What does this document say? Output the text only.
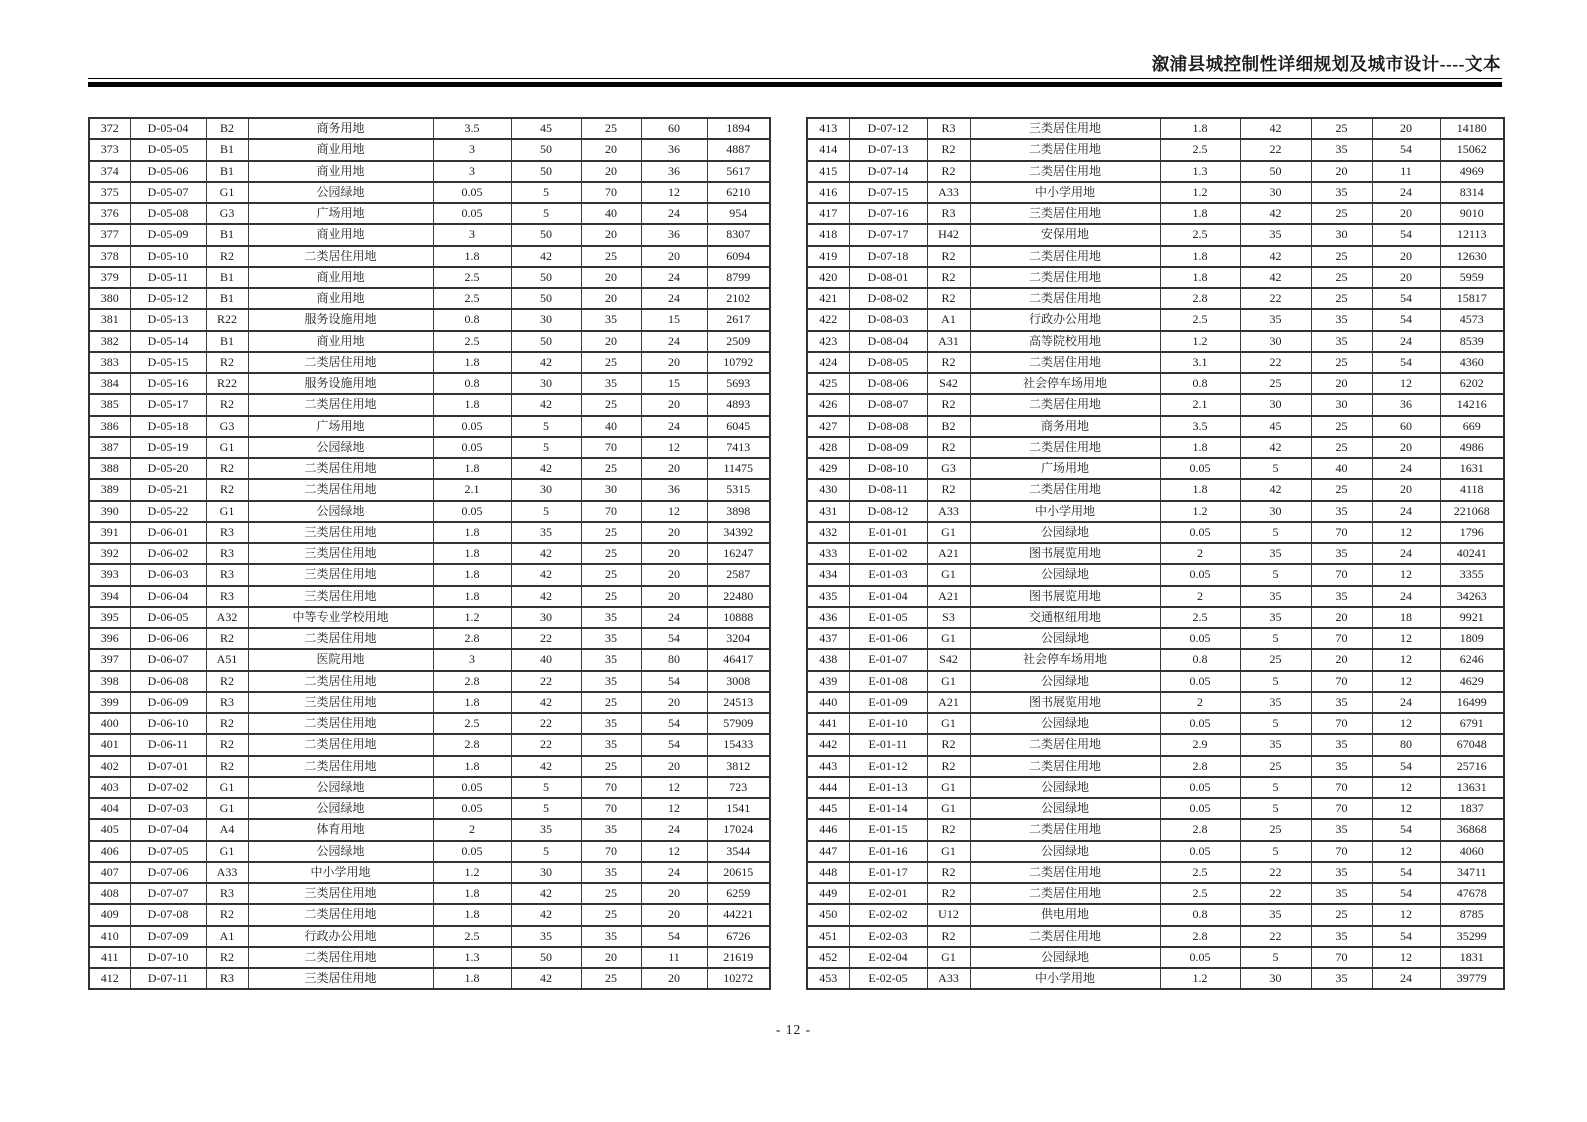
溆浦县城控制性详细规划及城市设计----文本
372	D-05-04	B2	商务用地	3.5	45	25	60	1894
373	D-05-05	B1	商业用地	3	50	20	36	4887
374	D-05-06	B1	商业用地	3	50	20	36	5617
375	D-05-07	G1	公园绿地	0.05	5	70	12	6210
376	D-05-08	G3	广场用地	0.05	5	40	24	954
377	D-05-09	B1	商业用地	3	50	20	36	8307
378	D-05-10	R2	二类居住用地	1.8	42	25	20	6094
379	D-05-11	B1	商业用地	2.5	50	20	24	8799
380	D-05-12	B1	商业用地	2.5	50	20	24	2102
381	D-05-13	R22	服务设施用地	0.8	30	35	15	2617
382	D-05-14	B1	商业用地	2.5	50	20	24	2509
383	D-05-15	R2	二类居住用地	1.8	42	25	20	10792
384	D-05-16	R22	服务设施用地	0.8	30	35	15	5693
385	D-05-17	R2	二类居住用地	1.8	42	25	20	4893
386	D-05-18	G3	广场用地	0.05	5	40	24	6045
387	D-05-19	G1	公园绿地	0.05	5	70	12	7413
388	D-05-20	R2	二类居住用地	1.8	42	25	20	11475
389	D-05-21	R2	二类居住用地	2.1	30	30	36	5315
390	D-05-22	G1	公园绿地	0.05	5	70	12	3898
391	D-06-01	R3	三类居住用地	1.8	35	25	20	34392
392	D-06-02	R3	三类居住用地	1.8	42	25	20	16247
393	D-06-03	R3	三类居住用地	1.8	42	25	20	2587
394	D-06-04	R3	三类居住用地	1.8	42	25	20	22480
395	D-06-05	A32	中等专业学校用地	1.2	30	35	24	10888
396	D-06-06	R2	二类居住用地	2.8	22	35	54	3204
397	D-06-07	A51	医院用地	3	40	35	80	46417
398	D-06-08	R2	二类居住用地	2.8	22	35	54	3008
399	D-06-09	R3	三类居住用地	1.8	42	25	20	24513
400	D-06-10	R2	二类居住用地	2.5	22	35	54	57909
401	D-06-11	R2	二类居住用地	2.8	22	35	54	15433
402	D-07-01	R2	二类居住用地	1.8	42	25	20	3812
403	D-07-02	G1	公园绿地	0.05	5	70	12	723
404	D-07-03	G1	公园绿地	0.05	5	70	12	1541
405	D-07-04	A4	体育用地	2	35	35	24	17024
406	D-07-05	G1	公园绿地	0.05	5	70	12	3544
407	D-07-06	A33	中小学用地	1.2	30	35	24	20615
408	D-07-07	R3	三类居住用地	1.8	42	25	20	6259
409	D-07-08	R2	二类居住用地	1.8	42	25	20	44221
410	D-07-09	A1	行政办公用地	2.5	35	35	54	6726
411	D-07-10	R2	二类居住用地	1.3	50	20	11	21619
412	D-07-11	R3	三类居住用地	1.8	42	25	20	10272
413	D-07-12	R3	三类居住用地	1.8	42	25	20	14180
414	D-07-13	R2	二类居住用地	2.5	22	35	54	15062
415	D-07-14	R2	二类居住用地	1.3	50	20	11	4969
416	D-07-15	A33	中小学用地	1.2	30	35	24	8314
417	D-07-16	R3	三类居住用地	1.8	42	25	20	9010
418	D-07-17	H42	安保用地	2.5	35	30	54	12113
419	D-07-18	R2	二类居住用地	1.8	42	25	20	12630
420	D-08-01	R2	二类居住用地	1.8	42	25	20	5959
421	D-08-02	R2	二类居住用地	2.8	22	25	54	15817
422	D-08-03	A1	行政办公用地	2.5	35	35	54	4573
423	D-08-04	A31	高等院校用地	1.2	30	35	24	8539
424	D-08-05	R2	二类居住用地	3.1	22	25	54	4360
425	D-08-06	S42	社会停车场用地	0.8	25	20	12	6202
426	D-08-07	R2	二类居住用地	2.1	30	30	36	14216
427	D-08-08	B2	商务用地	3.5	45	25	60	669
428	D-08-09	R2	二类居住用地	1.8	42	25	20	4986
429	D-08-10	G3	广场用地	0.05	5	40	24	1631
430	D-08-11	R2	二类居住用地	1.8	42	25	20	4118
431	D-08-12	A33	中小学用地	1.2	30	35	24	221068
432	E-01-01	G1	公园绿地	0.05	5	70	12	1796
433	E-01-02	A21	图书展览用地	2	35	35	24	40241
434	E-01-03	G1	公园绿地	0.05	5	70	12	3355
435	E-01-04	A21	图书展览用地	2	35	35	24	34263
436	E-01-05	S3	交通枢纽用地	2.5	35	20	18	9921
437	E-01-06	G1	公园绿地	0.05	5	70	12	1809
438	E-01-07	S42	社会停车场用地	0.8	25	20	12	6246
439	E-01-08	G1	公园绿地	0.05	5	70	12	4629
440	E-01-09	A21	图书展览用地	2	35	35	24	16499
441	E-01-10	G1	公园绿地	0.05	5	70	12	6791
442	E-01-11	R2	二类居住用地	2.9	35	35	80	67048
443	E-01-12	R2	二类居住用地	2.8	25	35	54	25716
444	E-01-13	G1	公园绿地	0.05	5	70	12	13631
445	E-01-14	G1	公园绿地	0.05	5	70	12	1837
446	E-01-15	R2	二类居住用地	2.8	25	35	54	36868
447	E-01-16	G1	公园绿地	0.05	5	70	12	4060
448	E-01-17	R2	二类居住用地	2.5	22	35	54	34711
449	E-02-01	R2	二类居住用地	2.5	22	35	54	47678
450	E-02-02	U12	供电用地	0.8	35	25	12	8785
451	E-02-03	R2	二类居住用地	2.8	22	35	54	35299
452	E-02-04	G1	公园绿地	0.05	5	70	12	1831
453	E-02-05	A33	中小学用地	1.2	30	35	24	39779
- 12 -
